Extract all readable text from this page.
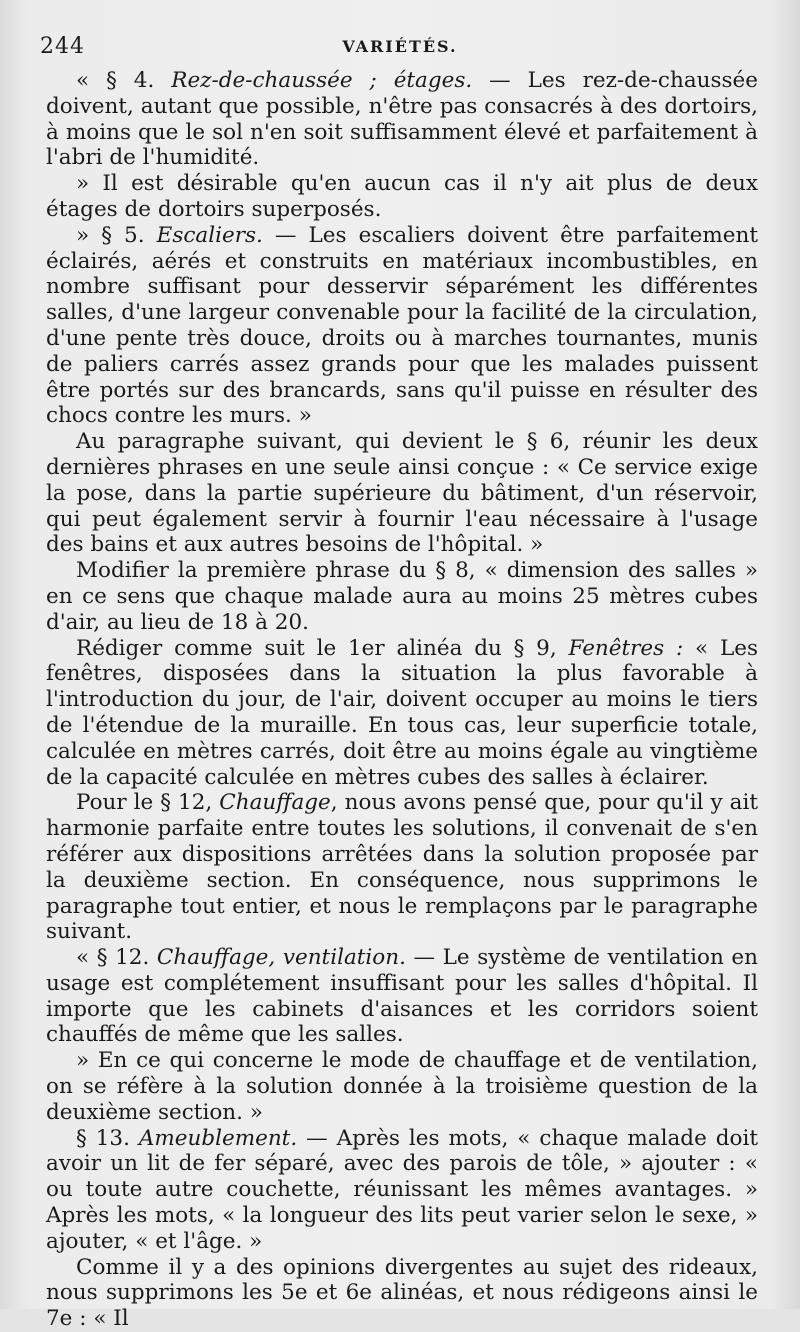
244	VARIÉTÉS.

« § 4. Rez-de-chaussée ; étages. — Les rez-de-chaussée doivent, autant que possible, n'être pas consacrés à des dortoirs, à moins que le sol n'en soit suffisamment élevé et parfaitement à l'abri de l'humidité.

» Il est désirable qu'en aucun cas il n'y ait plus de deux étages de dortoirs superposés.

» § 5. Escaliers. — Les escaliers doivent être parfaitement éclairés, aérés et construits en matériaux incombustibles, en nombre suffisant pour desservir séparément les différentes salles, d'une largeur convenable pour la facilité de la circulation, d'une pente très douce, droits ou à marches tournantes, munis de paliers carrés assez grands pour que les malades puissent être portés sur des brancards, sans qu'il puisse en résulter des chocs contre les murs. »

Au paragraphe suivant, qui devient le § 6, réunir les deux dernières phrases en une seule ainsi conçue : « Ce service exige la pose, dans la partie supérieure du bâtiment, d'un réservoir, qui peut également servir à fournir l'eau nécessaire à l'usage des bains et aux autres besoins de l'hôpital. »

Modifier la première phrase du § 8, « dimension des salles » en ce sens que chaque malade aura au moins 25 mètres cubes d'air, au lieu de 18 à 20.

Rédiger comme suit le 1er alinéa du § 9, Fenêtres : « Les fenêtres, disposées dans la situation la plus favorable à l'introduction du jour, de l'air, doivent occuper au moins le tiers de l'étendue de la muraille. En tous cas, leur superficie totale, calculée en mètres carrés, doit être au moins égale au vingtième de la capacité calculée en mètres cubes des salles à éclairer.

Pour le § 12, Chauffage, nous avons pensé que, pour qu'il y ait harmonie parfaite entre toutes les solutions, il convenait de s'en référer aux dispositions arrêtées dans la solution proposée par la deuxième section. En conséquence, nous supprimons le paragraphe tout entier, et nous le remplaçons par le paragraphe suivant.

« § 12. Chauffage, ventilation. — Le système de ventilation en usage est complétement insuffisant pour les salles d'hôpital. Il importe que les cabinets d'aisances et les corridors soient chauffés de même que les salles.

» En ce qui concerne le mode de chauffage et de ventilation, on se réfère à la solution donnée à la troisième question de la deuxième section. »

§ 13. Ameublement. — Après les mots, « chaque malade doit avoir un lit de fer séparé, avec des parois de tôle, » ajouter : « ou toute autre couchette, réunissant les mêmes avantages. » Après les mots, « la longueur des lits peut varier selon le sexe, » ajouter, « et l'âge. »

Comme il y a des opinions divergentes au sujet des rideaux, nous supprimons les 5e et 6e alinéas, et nous rédigeons ainsi le 7e : « Il
